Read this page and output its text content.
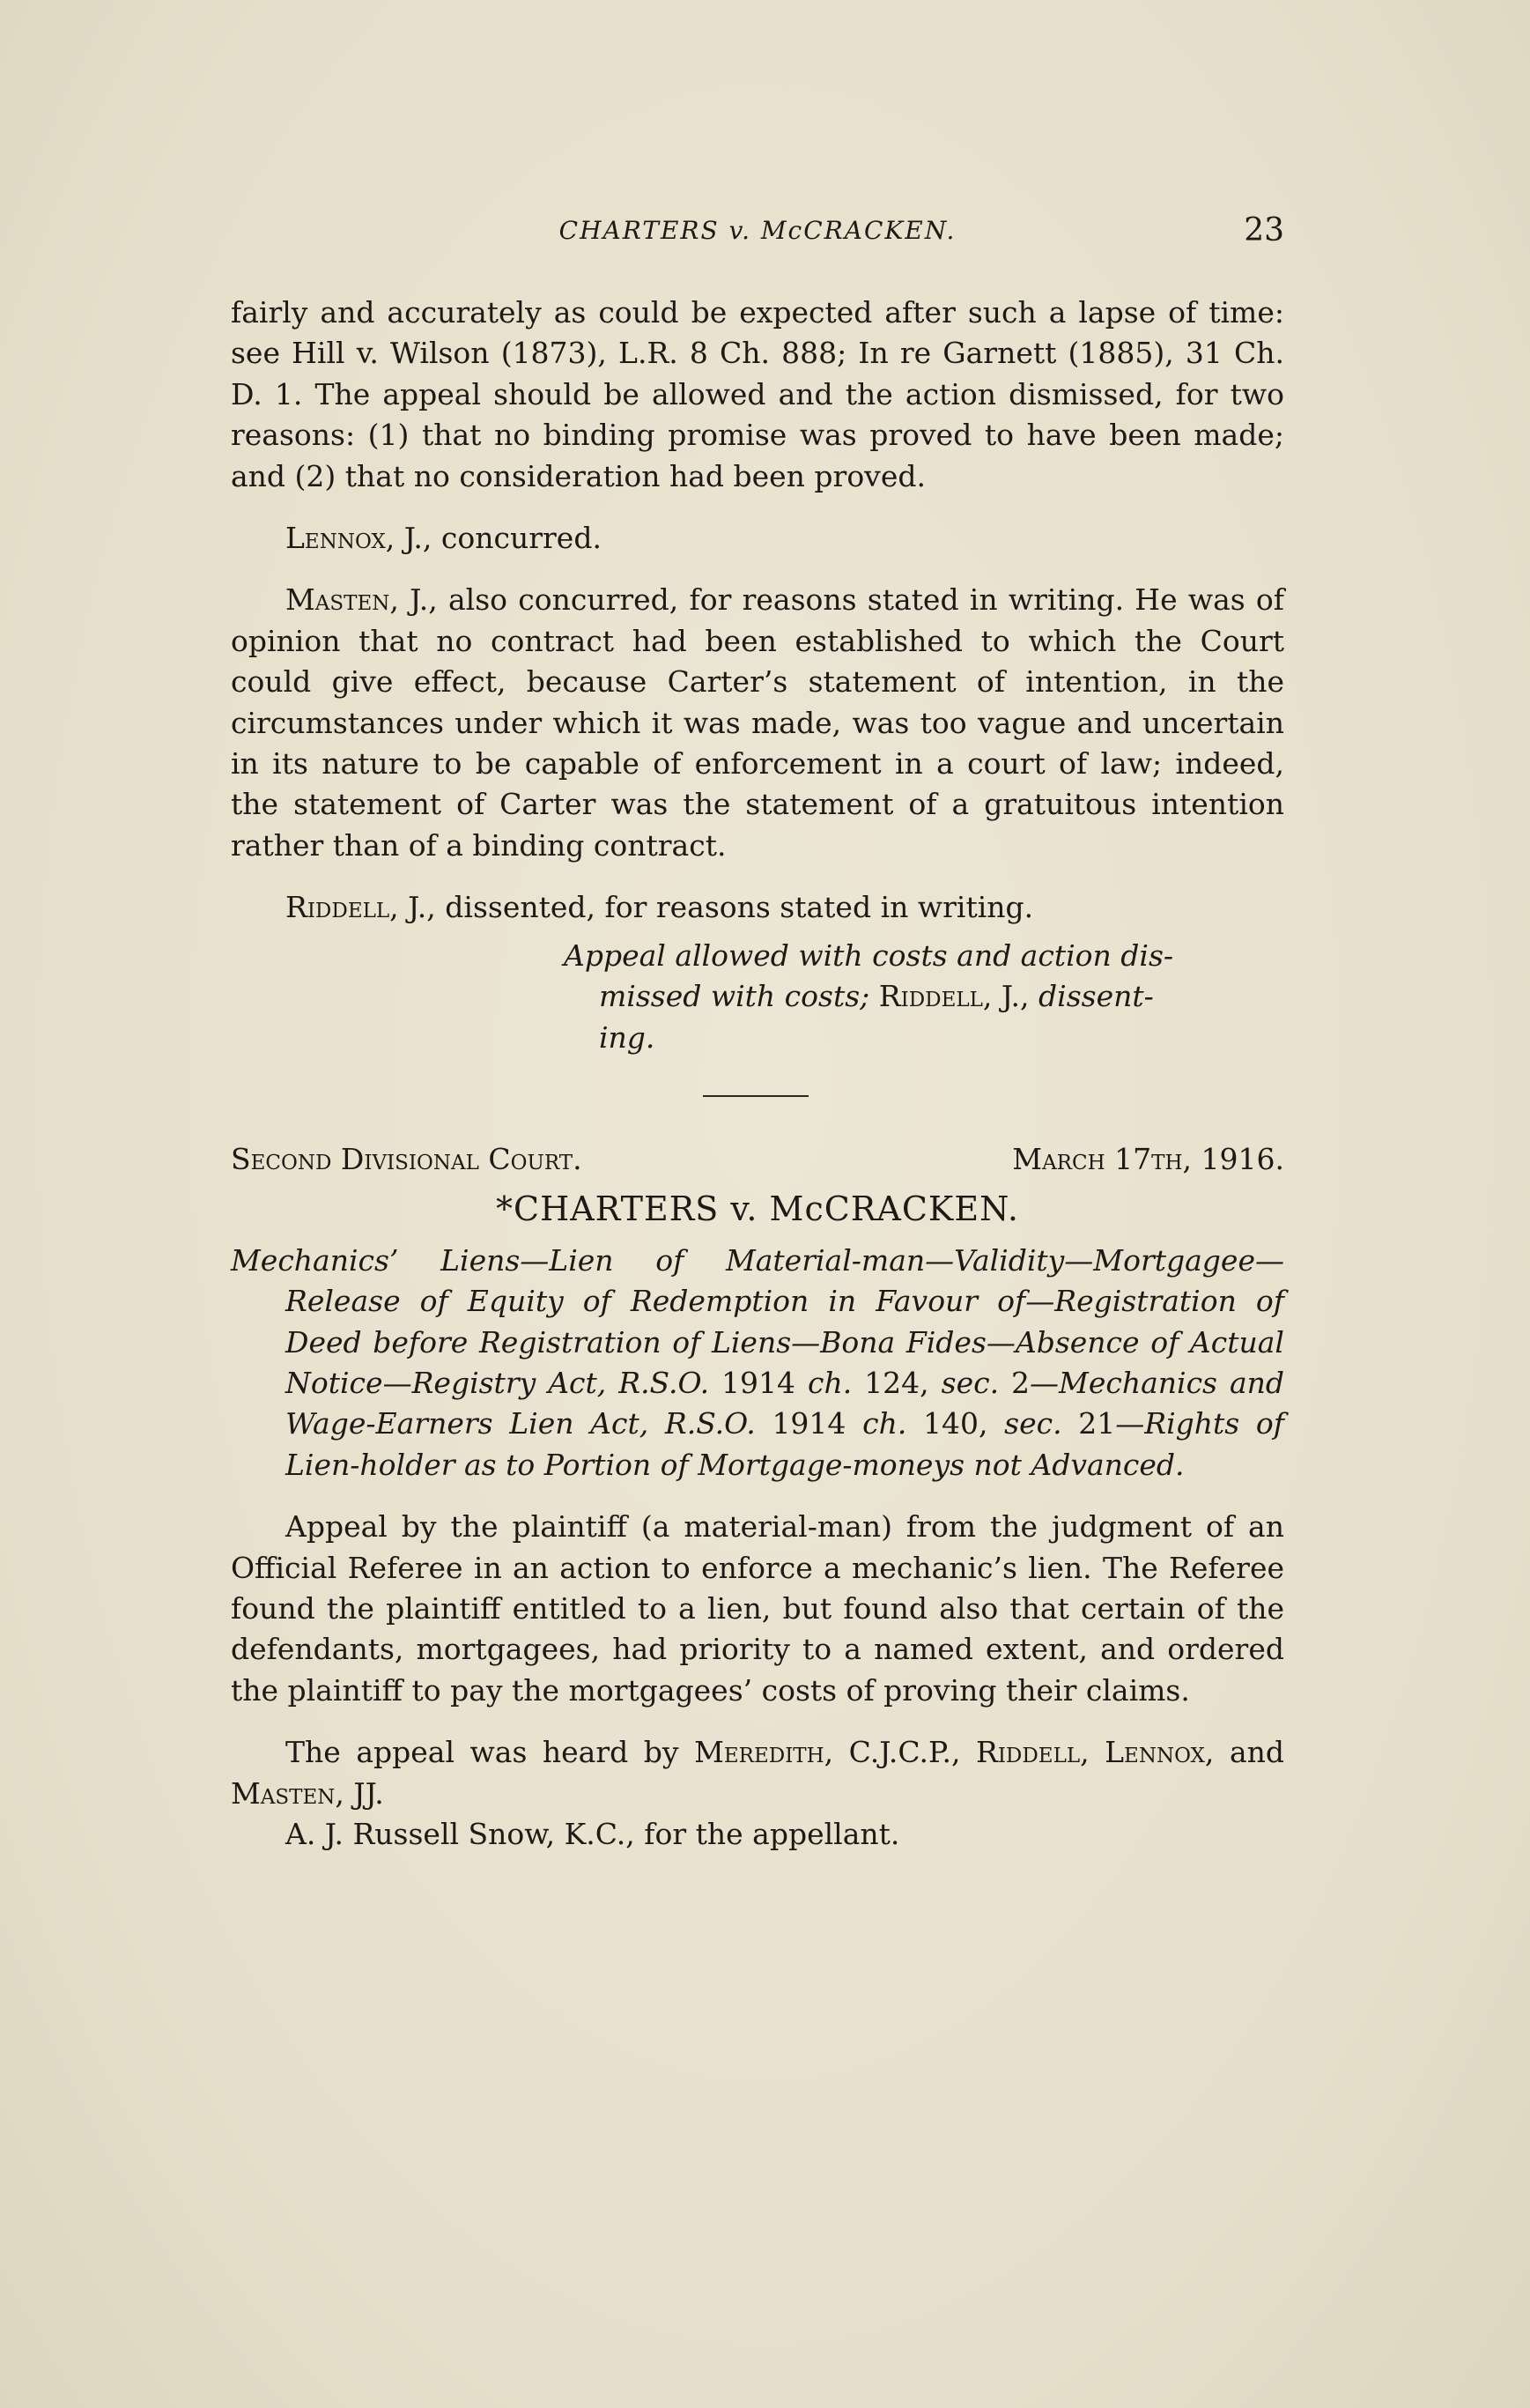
CHARTERS v. McCRACKEN.	23

fairly and accurately as could be expected after such a lapse of time: see Hill v. Wilson (1873), L.R. 8 Ch. 888; In re Garnett (1885), 31 Ch. D. 1. The appeal should be allowed and the action dismissed, for two reasons: (1) that no binding promise was proved to have been made; and (2) that no consideration had been proved.

Lennox, J., concurred.

Masten, J., also concurred, for reasons stated in writing. He was of opinion that no contract had been established to which the Court could give effect, because Carter’s statement of intention, in the circumstances under which it was made, was too vague and uncertain in its nature to be capable of enforcement in a court of law; indeed, the statement of Carter was the statement of a gratuitous intention rather than of a binding contract.

Riddell, J., dissented, for reasons stated in writing.

Appeal allowed with costs and action dis-
missed with costs; Riddell, J., dissent-
ing.
Second Divisional Court.	March 17th, 1916.
*CHARTERS v. McCRACKEN.

Mechanics’ Liens—Lien of Material-man—Validity—Mortgagee—Release of Equity of Redemption in Favour of—Registration of Deed before Registration of Liens—Bona Fides—Absence of Actual Notice—Registry Act, R.S.O. 1914 ch. 124, sec. 2—Mechanics and Wage-Earners Lien Act, R.S.O. 1914 ch. 140, sec. 21—Rights of Lien-holder as to Portion of Mortgage-moneys not Advanced.

Appeal by the plaintiff (a material-man) from the judgment of an Official Referee in an action to enforce a mechanic’s lien. The Referee found the plaintiff entitled to a lien, but found also that certain of the defendants, mortgagees, had priority to a named extent, and ordered the plaintiff to pay the mortgagees’ costs of proving their claims.

The appeal was heard by Meredith, C.J.C.P., Riddell, Lennox, and Masten, JJ.

A. J. Russell Snow, K.C., for the appellant.
